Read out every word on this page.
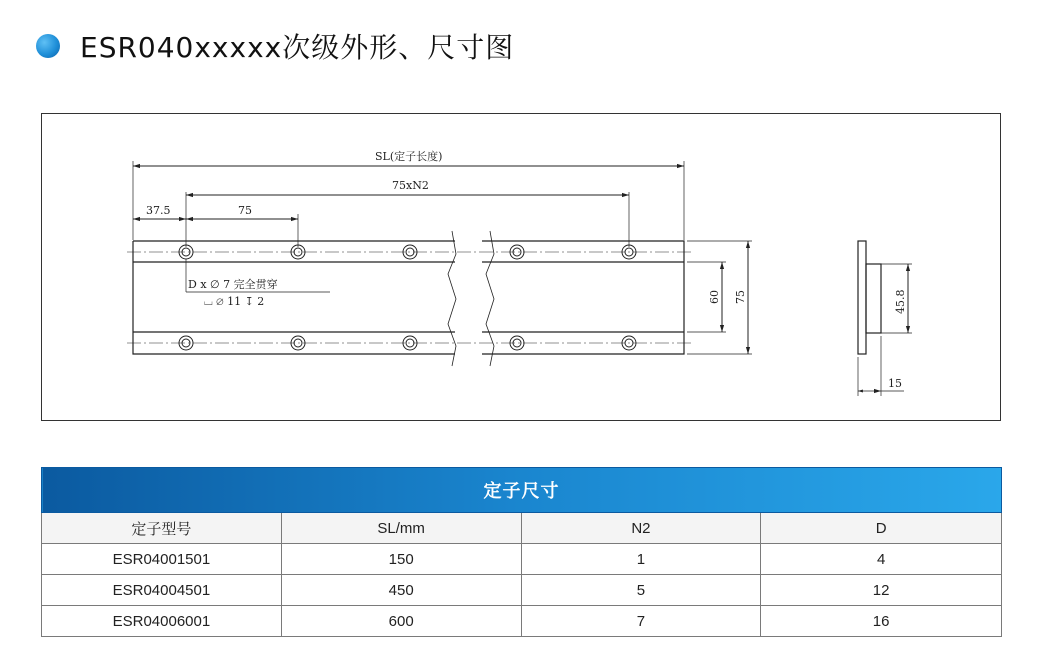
ESR040xxxxx次级外形、尺寸图
SL(定子长度)
75xN2
37.5	75
D x ∅ 7 完全贯穿
⌴ ∅ 11 ↧ 2	60 75	45.8
15
定子尺寸			
定子型号	SL/mm	N2	D
ESR04001501	150	1	4
ESR04004501	450	5	12
ESR04006001	600	7	16
